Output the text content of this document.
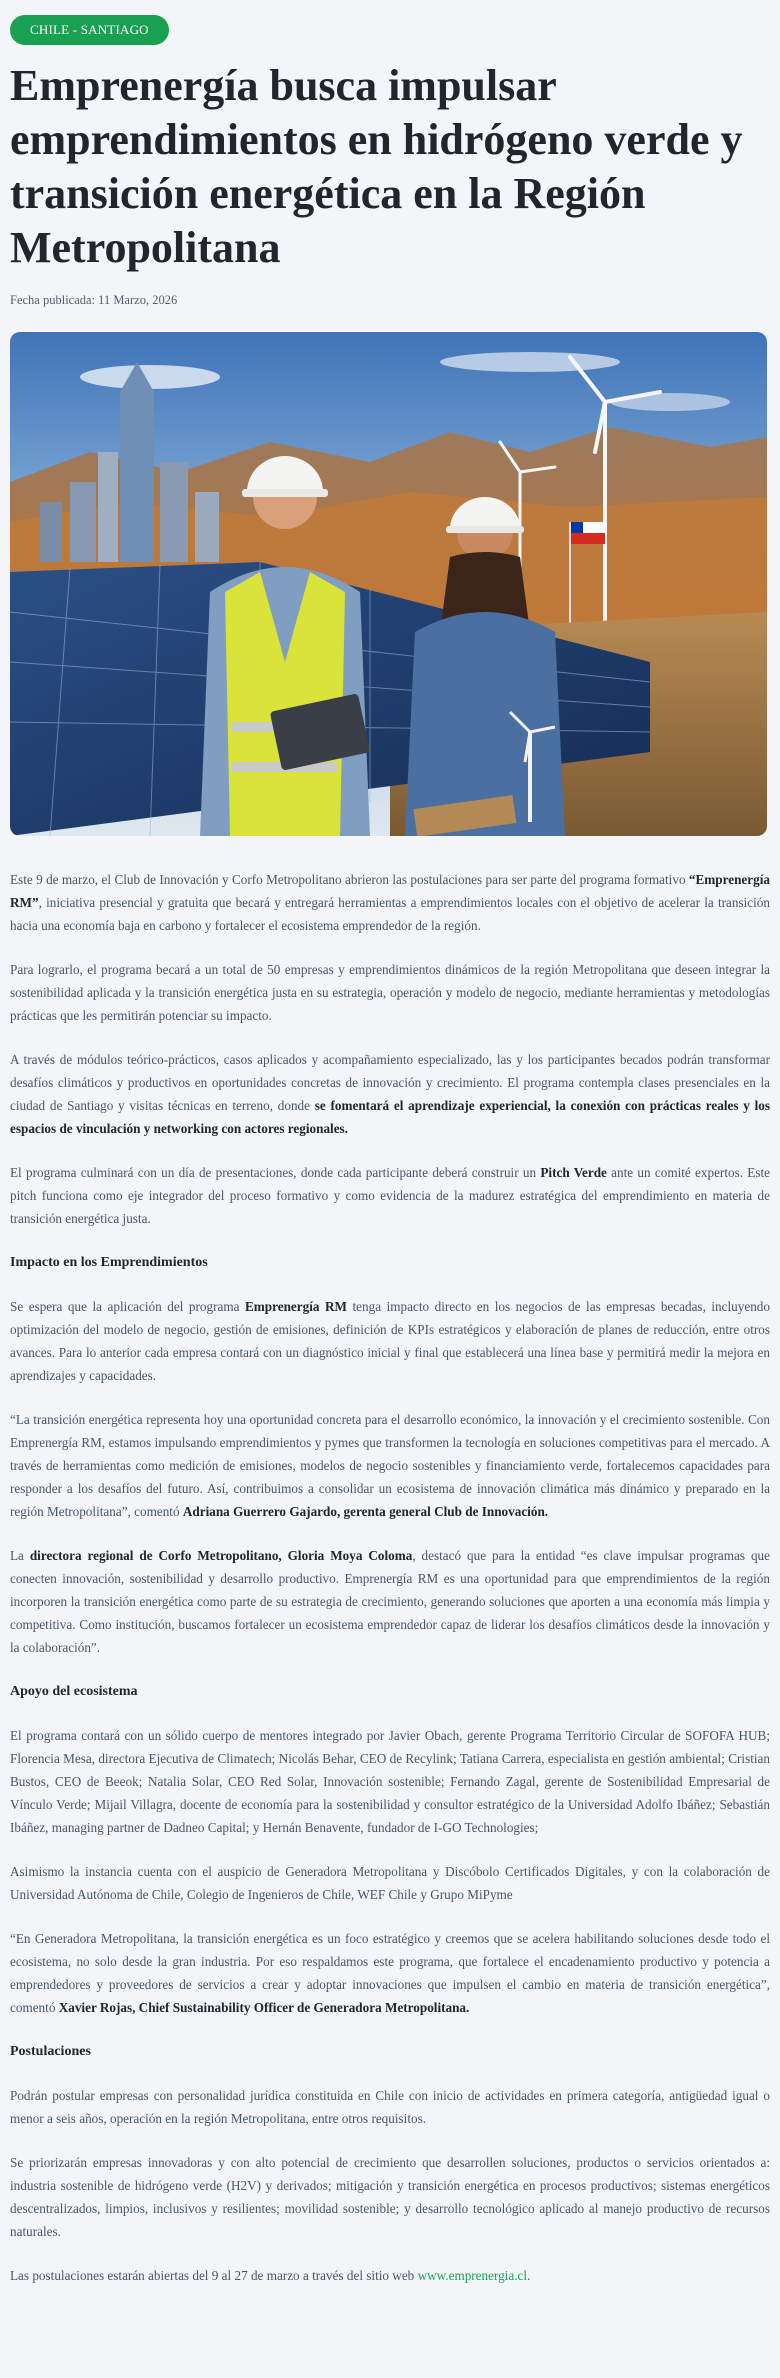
CHILE - SANTIAGO
Emprenergía busca impulsar emprendimientos en hidrógeno verde y transición energética en la Región Metropolitana
Fecha publicada: 11 Marzo, 2026

Este 9 de marzo, el Club de Innovación y Corfo Metropolitano abrieron las postulaciones para ser parte del programa formativo “Emprenergía RM”, iniciativa presencial y gratuita que becará y entregará herramientas a emprendimientos locales con el objetivo de acelerar la transición hacia una economía baja en carbono y fortalecer el ecosistema emprendedor de la región.

Para lograrlo, el programa becará a un total de 50 empresas y emprendimientos dinámicos de la región Metropolitana que deseen integrar la sostenibilidad aplicada y la transición energética justa en su estrategia, operación y modelo de negocio, mediante herramientas y metodologías prácticas que les permitirán potenciar su impacto.

A través de módulos teórico-prácticos, casos aplicados y acompañamiento especializado, las y los participantes becados podrán transformar desafíos climáticos y productivos en oportunidades concretas de innovación y crecimiento. El programa contempla clases presenciales en la ciudad de Santiago y visitas técnicas en terreno, donde se fomentará el aprendizaje experiencial, la conexión con prácticas reales y los espacios de vinculación y networking con actores regionales.

El programa culminará con un día de presentaciones, donde cada participante deberá construir un Pitch Verde ante un comité expertos. Este pitch funciona como eje integrador del proceso formativo y como evidencia de la madurez estratégica del emprendimiento en materia de transición energética justa.

Impacto en los Emprendimientos

Se espera que la aplicación del programa Emprenergía RM tenga impacto directo en los negocios de las empresas becadas, incluyendo optimización del modelo de negocio, gestión de emisiones, definición de KPIs estratégicos y elaboración de planes de reducción, entre otros avances. Para lo anterior cada empresa contará con un diagnóstico inicial y final que establecerá una línea base y permitirá medir la mejora en aprendizajes y capacidades.

“La transición energética representa hoy una oportunidad concreta para el desarrollo económico, la innovación y el crecimiento sostenible. Con Emprenergía RM, estamos impulsando emprendimientos y pymes que transformen la tecnología en soluciones competitivas para el mercado. A través de herramientas como medición de emisiones, modelos de negocio sostenibles y financiamiento verde, fortalecemos capacidades para responder a los desafíos del futuro. Así, contribuimos a consolidar un ecosistema de innovación climática más dinámico y preparado en la región Metropolitana”, comentó Adriana Guerrero Gajardo, gerenta general Club de Innovación.

La directora regional de Corfo Metropolitano, Gloria Moya Coloma, destacó que para la entidad “es clave impulsar programas que conecten innovación, sostenibilidad y desarrollo productivo. Emprenergía RM es una oportunidad para que emprendimientos de la región incorporen la transición energética como parte de su estrategia de crecimiento, generando soluciones que aporten a una economía más limpia y competitiva. Como institución, buscamos fortalecer un ecosistema emprendedor capaz de liderar los desafíos climáticos desde la innovación y la colaboración”.

Apoyo del ecosistema

El programa contará con un sólido cuerpo de mentores integrado por Javier Obach, gerente Programa Territorio Circular de SOFOFA HUB; Florencia Mesa, directora Ejecutiva de Climatech; Nicolás Behar, CEO de Recylink; Tatiana Carrera, especialista en gestión ambiental; Cristian Bustos, CEO de Beeok; Natalia Solar, CEO Red Solar, Innovación sostenible; Fernando Zagal, gerente de Sostenibilidad Empresarial de Vínculo Verde; Mijail Villagra, docente de economía para la sostenibilidad y consultor estratégico de la Universidad Adolfo Ibáñez; Sebastián Ibáñez, managing partner de Dadneo Capital; y Hernán Benavente, fundador de I-GO Technologies;

Asimismo la instancia cuenta con el auspicio de Generadora Metropolitana y Discóbolo Certificados Digitales, y con la colaboración de Universidad Autónoma de Chile, Colegio de Ingenieros de Chile, WEF Chile y Grupo MiPyme

“En Generadora Metropolitana, la transición energética es un foco estratégico y creemos que se acelera habilitando soluciones desde todo el ecosistema, no solo desde la gran industria. Por eso respaldamos este programa, que fortalece el encadenamiento productivo y potencia a emprendedores y proveedores de servicios a crear y adoptar innovaciones que impulsen el cambio en materia de transición energética”, comentó Xavier Rojas, Chief Sustainability Officer de Generadora Metropolitana.

Postulaciones

Podrán postular empresas con personalidad jurídica constituida en Chile con inicio de actividades en primera categoría, antigüedad igual o menor a seis años, operación en la región Metropolitana, entre otros requisitos.

Se priorizarán empresas innovadoras y con alto potencial de crecimiento que desarrollen soluciones, productos o servicios orientados a: industria sostenible de hidrógeno verde (H2V) y derivados; mitigación y transición energética en procesos productivos; sistemas energéticos descentralizados, limpios, inclusivos y resilientes; movilidad sostenible; y desarrollo tecnológico aplicado al manejo productivo de recursos naturales.

Las postulaciones estarán abiertas del 9 al 27 de marzo a través del sitio web www.emprenergia.cl.
